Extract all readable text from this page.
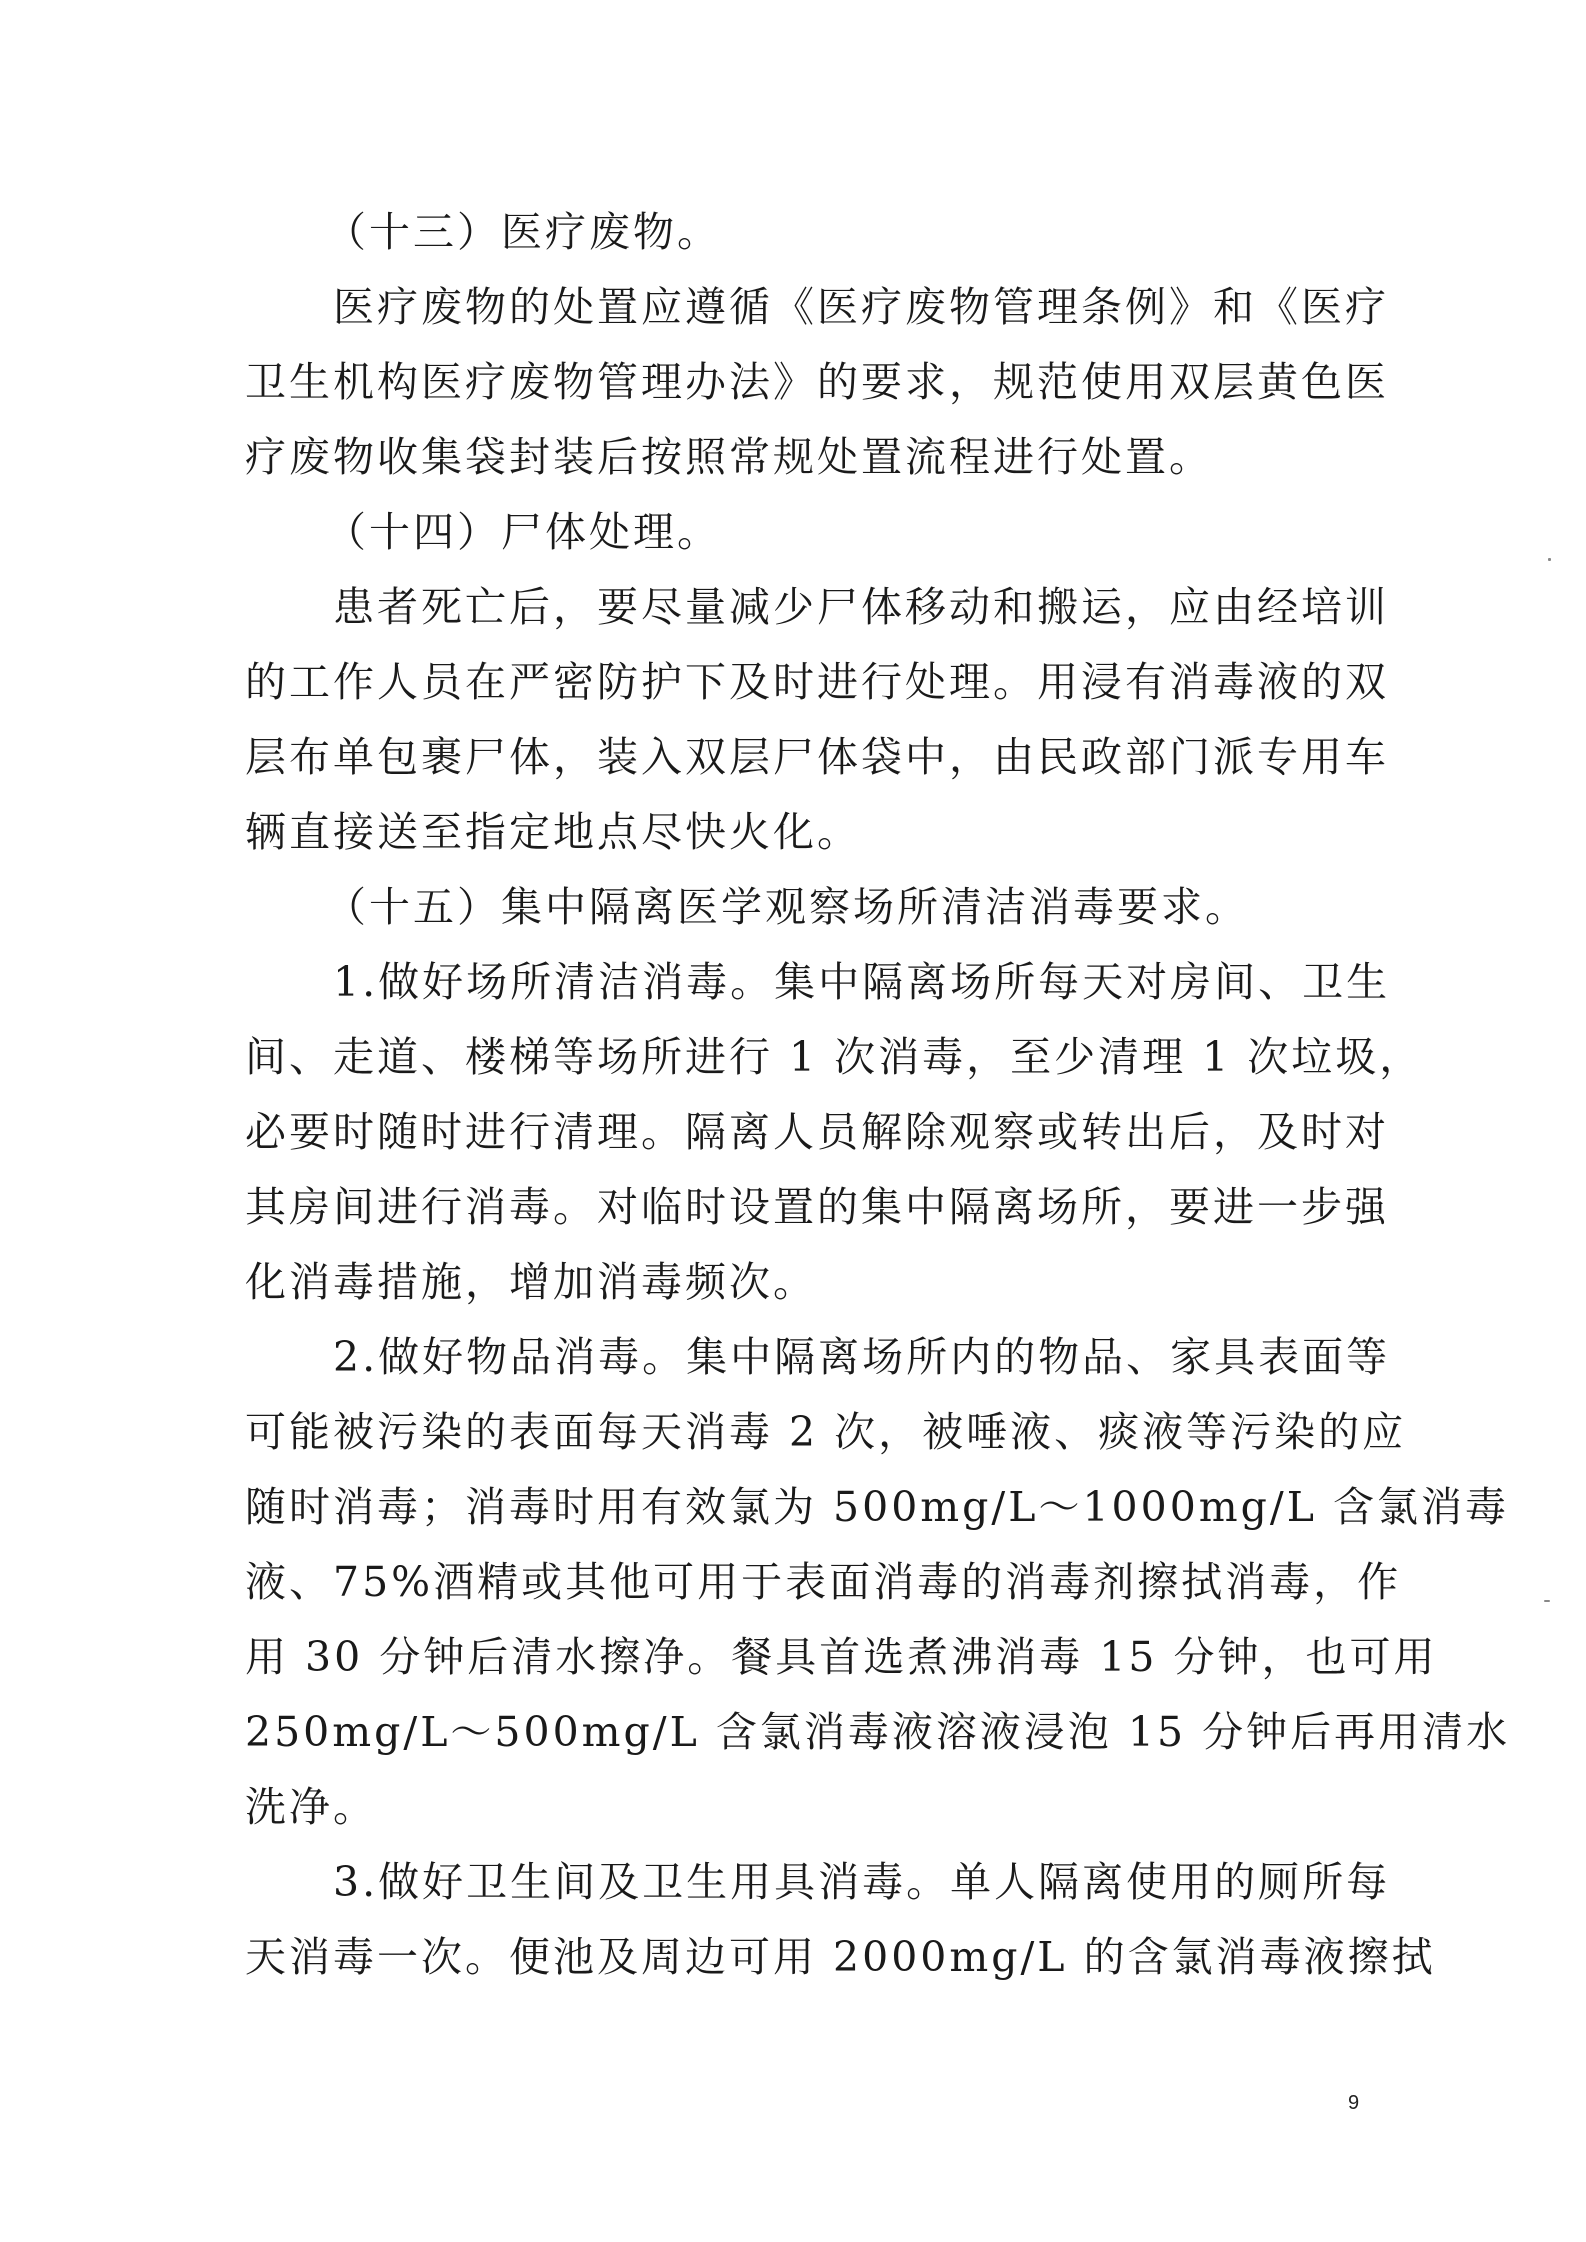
（十三）医疗废物。
医疗废物的处置应遵循《医疗废物管理条例》和《医疗
卫生机构医疗废物管理办法》的要求，规范使用双层黄色医
疗废物收集袋封装后按照常规处置流程进行处置。
（十四）尸体处理。
患者死亡后，要尽量减少尸体移动和搬运，应由经培训
的工作人员在严密防护下及时进行处理。用浸有消毒液的双
层布单包裹尸体，装入双层尸体袋中，由民政部门派专用车
辆直接送至指定地点尽快火化。
（十五）集中隔离医学观察场所清洁消毒要求。
1.做好场所清洁消毒。集中隔离场所每天对房间、卫生
间、走道、楼梯等场所进行 1 次消毒，至少清理 1 次垃圾，
必要时随时进行清理。隔离人员解除观察或转出后，及时对
其房间进行消毒。对临时设置的集中隔离场所，要进一步强
化消毒措施，增加消毒频次。
2.做好物品消毒。集中隔离场所内的物品、家具表面等
可能被污染的表面每天消毒 2 次，被唾液、痰液等污染的应
随时消毒；消毒时用有效氯为 500mg/L～1000mg/L 含氯消毒
液、75%酒精或其他可用于表面消毒的消毒剂擦拭消毒，作
用 30 分钟后清水擦净。餐具首选煮沸消毒 15 分钟，也可用
250mg/L～500mg/L 含氯消毒液溶液浸泡 15 分钟后再用清水
洗净。
3.做好卫生间及卫生用具消毒。单人隔离使用的厕所每
天消毒一次。便池及周边可用 2000mg/L 的含氯消毒液擦拭
9
